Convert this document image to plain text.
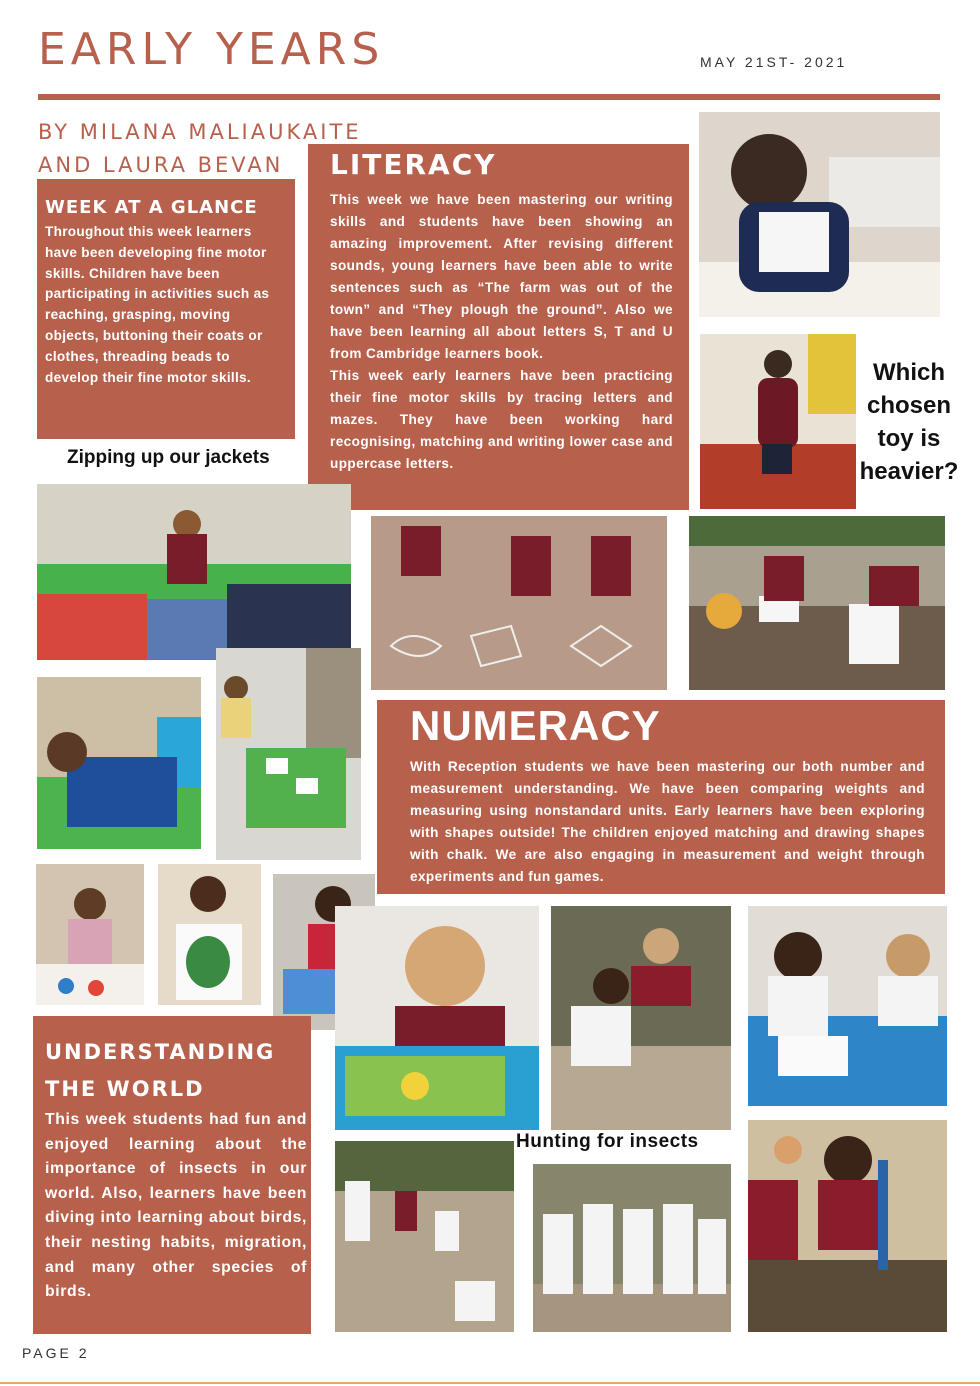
EARLY YEARS	MAY 21ST- 2021
BY MILANA MALIAUKAITE
AND LAURA BEVAN
WEEK AT A GLANCE

Throughout this week learners have been developing fine motor skills. Children have been participating in activities such as reaching, grasping, moving objects, buttoning their coats or clothes, threading beads to develop their fine motor skills.

LITERACY

This week we have been mastering our writing skills and students have been showing an amazing improvement. After revising different sounds, young learners have been able to write sentences such as “The farm was out of the town” and “They plough the ground”. Also we have been learning all about letters S, T and U from Cambridge learners book.

This week early learners have been practicing their fine motor skills by tracing letters and mazes. They have been working hard recognising, matching and writing lower case and uppercase letters.

Which
chosen
toy is
heavier?
Zipping up our jackets
NUMERACY

With Reception students we have been mastering our both number and measurement understanding. We have been comparing weights and measuring using nonstandard units. Early learners have been exploring with shapes outside! The children enjoyed matching and drawing shapes with chalk. We are also engaging in measurement and weight through experiments and fun games.

Hunting for insects
UNDERSTANDING
THE WORLD

This week students had fun and enjoyed learning about the importance of insects in our world. Also, learners have been diving into learning about birds, their nesting habits, migration, and many other species of birds.

PAGE 2
